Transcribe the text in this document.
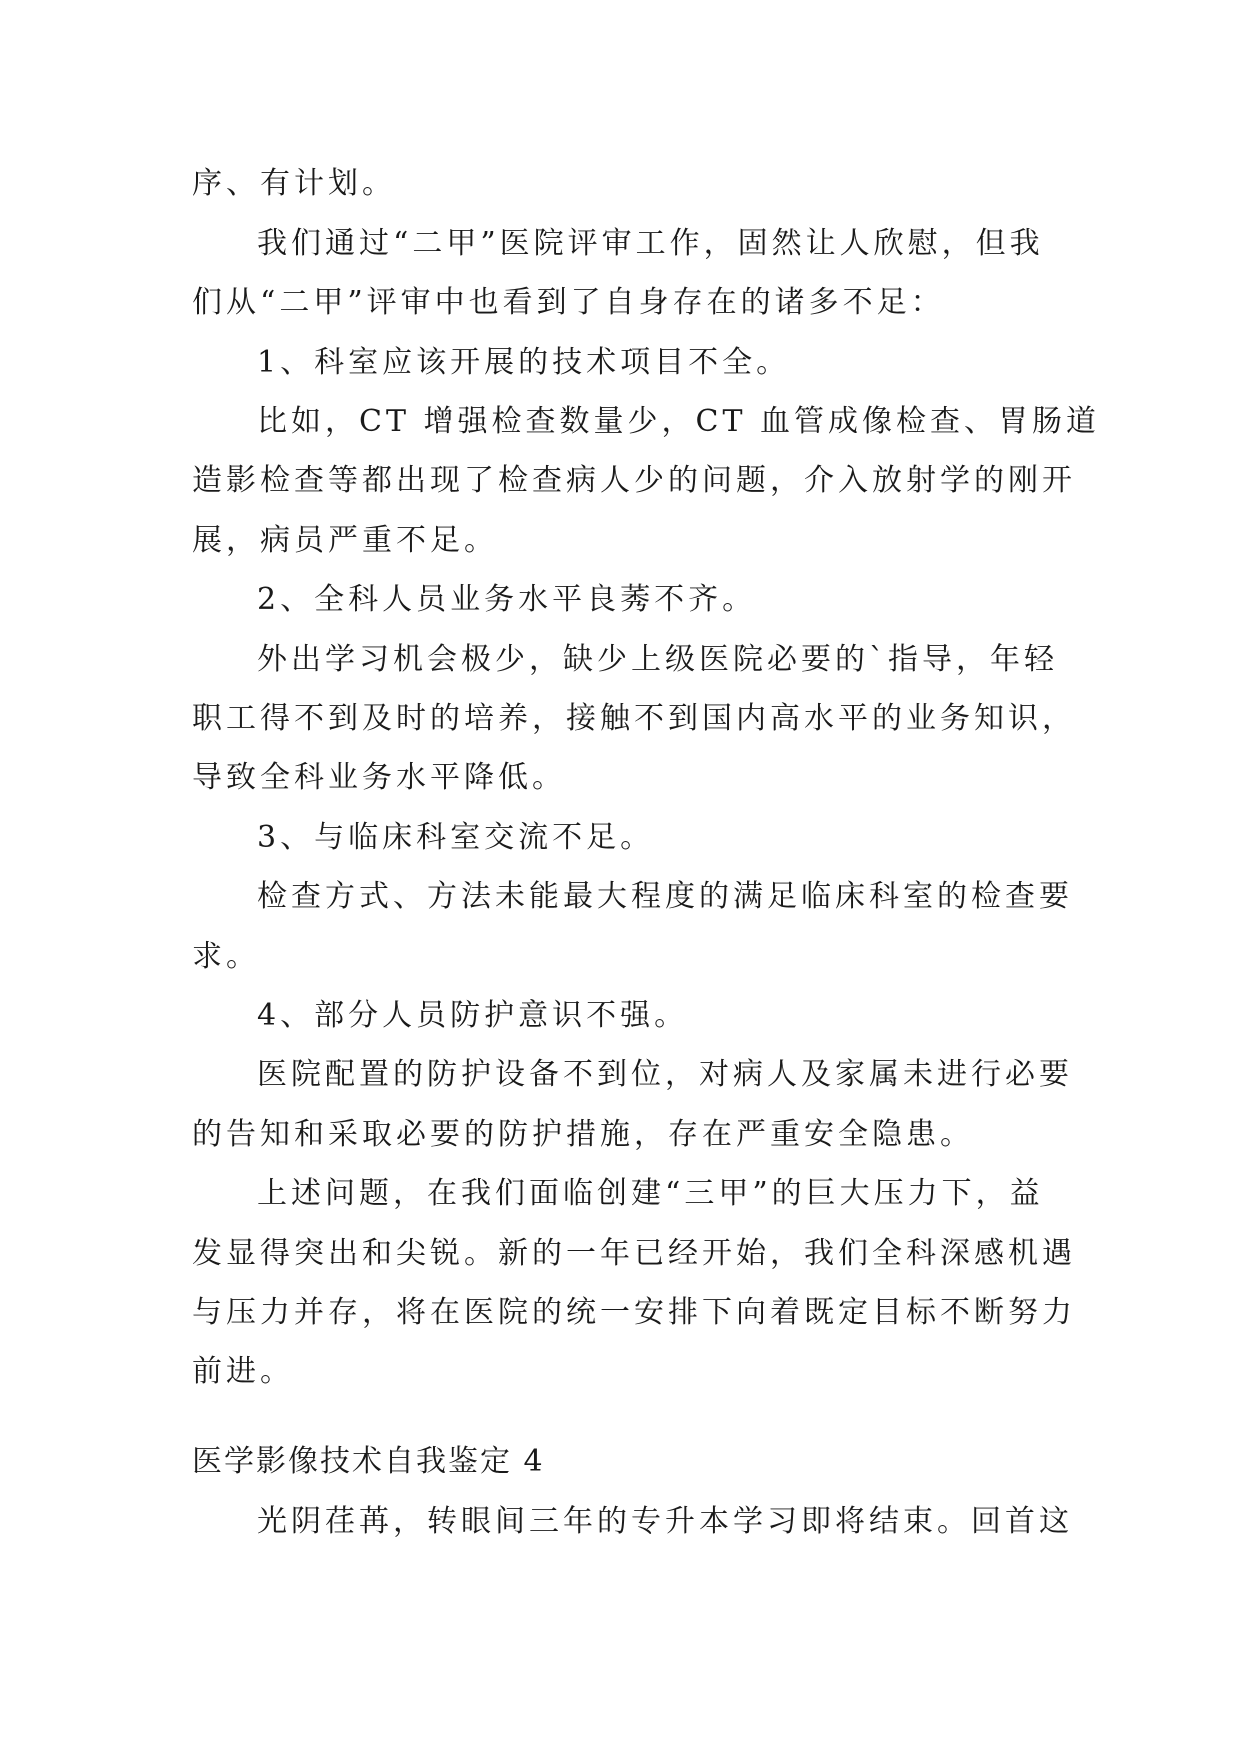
序、有计划。
我们通过“二甲”医院评审工作，固然让人欣慰，但我
们从“二甲”评审中也看到了自身存在的诸多不足：
1、科室应该开展的技术项目不全。
比如，CT 增强检查数量少，CT 血管成像检查、胃肠道
造影检查等都出现了检查病人少的问题，介入放射学的刚开
展，病员严重不足。
2、全科人员业务水平良莠不齐。
外出学习机会极少，缺少上级医院必要的`指导，年轻
职工得不到及时的培养，接触不到国内高水平的业务知识，
导致全科业务水平降低。
3、与临床科室交流不足。
检查方式、方法未能最大程度的满足临床科室的检查要
求。
4、部分人员防护意识不强。
医院配置的防护设备不到位，对病人及家属未进行必要
的告知和采取必要的防护措施，存在严重安全隐患。
上述问题，在我们面临创建“三甲”的巨大压力下，益
发显得突出和尖锐。新的一年已经开始，我们全科深感机遇
与压力并存，将在医院的统一安排下向着既定目标不断努力
前进。
医学影像技术自我鉴定 4
光阴荏苒，转眼间三年的专升本学习即将结束。回首这
